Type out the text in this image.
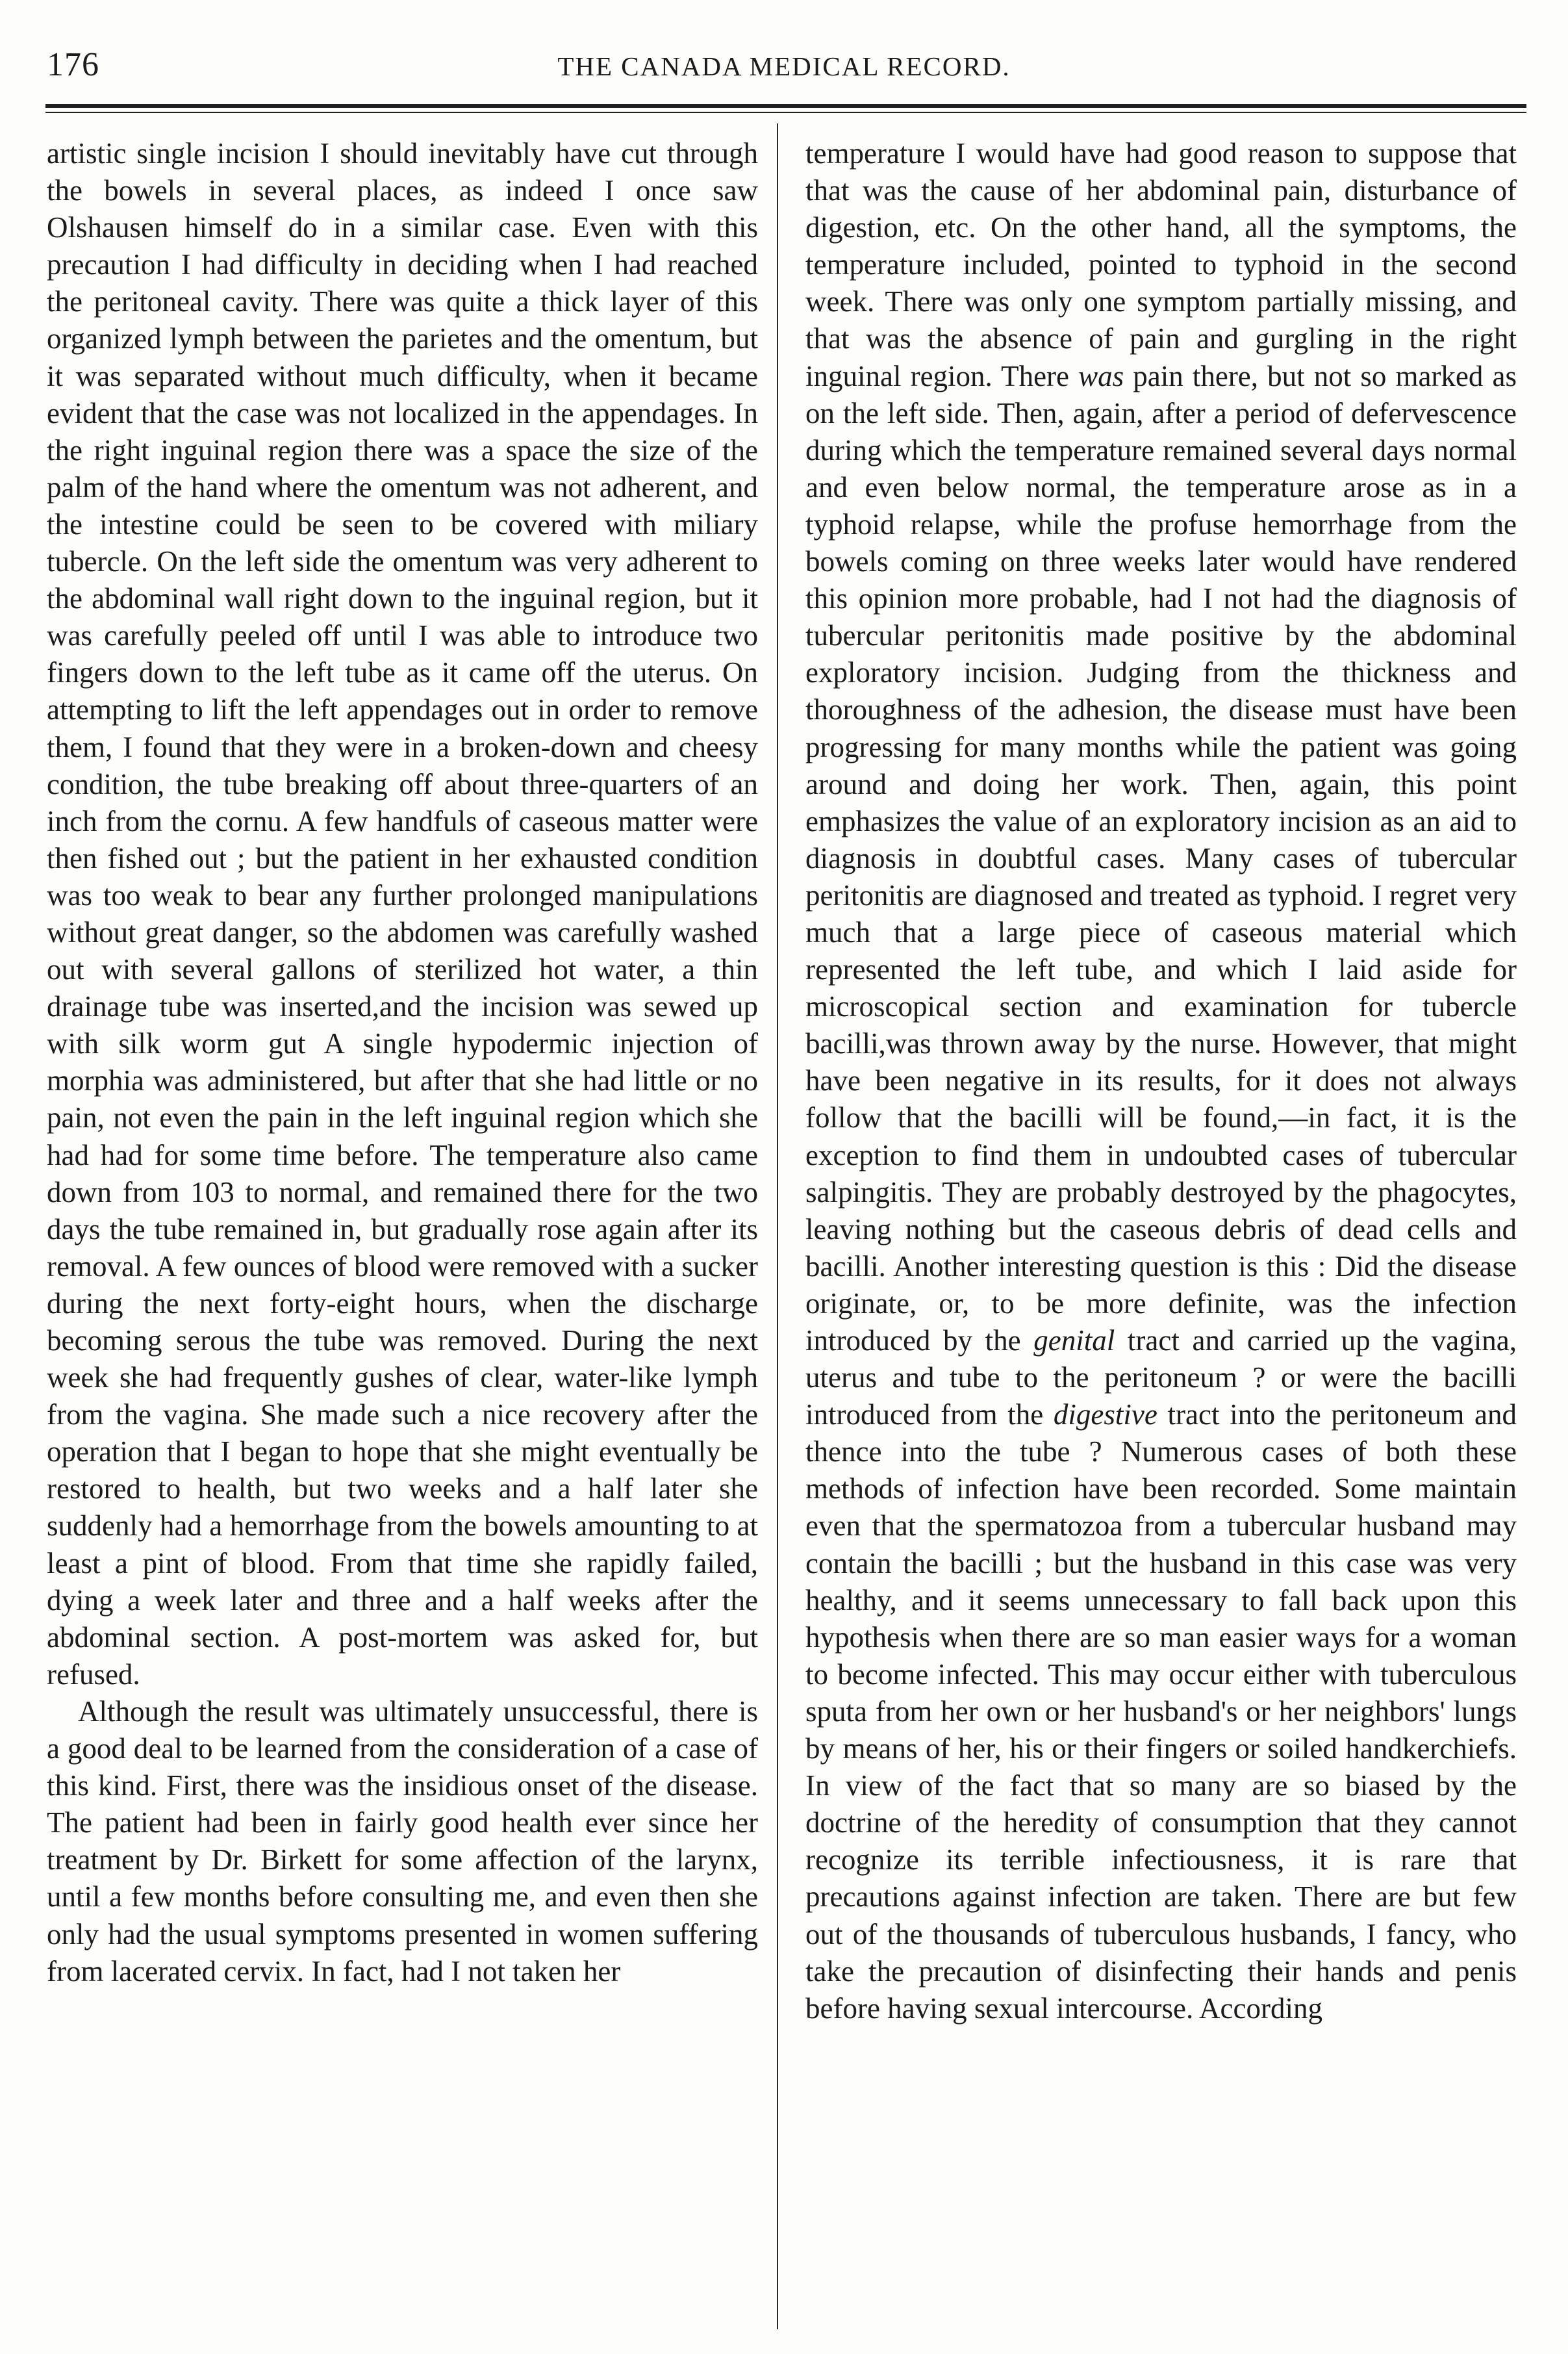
176	THE CANADA MEDICAL RECORD.

artistic single incision I should inevitably have cut through the bowels in several places, as indeed I once saw Olshausen himself do in a similar case. Even with this precaution I had difficulty in deciding when I had reached the peritoneal cavity. There was quite a thick layer of this organized lymph between the parietes and the omentum, but it was separated without much difficulty, when it became evident that the case was not localized in the appendages. In the right inguinal region there was a space the size of the palm of the hand where the omentum was not adherent, and the intestine could be seen to be covered with miliary tubercle. On the left side the omentum was very adherent to the abdominal wall right down to the inguinal region, but it was carefully peeled off until I was able to introduce two fingers down to the left tube as it came off the uterus. On attempting to lift the left appendages out in order to remove them, I found that they were in a broken-down and cheesy condition, the tube breaking off about three-quarters of an inch from the cornu. A few handfuls of caseous matter were then fished out ; but the patient in her exhausted condition was too weak to bear any further prolonged manipulations without great danger, so the abdomen was carefully washed out with several gallons of sterilized hot water, a thin drainage tube was inserted,and the incision was sewed up with silk worm gut A single hypodermic injection of morphia was administered, but after that she had little or no pain, not even the pain in the left inguinal region which she had had for some time before. The temperature also came down from 103 to normal, and remained there for the two days the tube remained in, but gradually rose again after its removal. A few ounces of blood were removed with a sucker during the next forty-eight hours, when the discharge becoming serous the tube was removed. During the next week she had frequently gushes of clear, water-like lymph from the vagina. She made such a nice recovery after the operation that I began to hope that she might eventually be restored to health, but two weeks and a half later she suddenly had a hemorrhage from the bowels amounting to at least a pint of blood. From that time she rapidly failed, dying a week later and three and a half weeks after the abdominal section. A post-mortem was asked for, but refused.

Although the result was ultimately unsuccessful, there is a good deal to be learned from the consideration of a case of this kind. First, there was the insidious onset of the disease. The patient had been in fairly good health ever since her treatment by Dr. Birkett for some affection of the larynx, until a few months before consulting me, and even then she only had the usual symptoms presented in women suffering from lacerated cervix. In fact, had I not taken her

temperature I would have had good reason to suppose that that was the cause of her abdominal pain, disturbance of digestion, etc. On the other hand, all the symptoms, the temperature included, pointed to typhoid in the second week. There was only one symptom partially missing, and that was the absence of pain and gurgling in the right inguinal region. There was pain there, but not so marked as on the left side. Then, again, after a period of defervescence during which the temperature remained several days normal and even below normal, the temperature arose as in a typhoid relapse, while the profuse hemorrhage from the bowels coming on three weeks later would have rendered this opinion more probable, had I not had the diagnosis of tubercular peritonitis made positive by the abdominal exploratory incision. Judging from the thickness and thoroughness of the adhesion, the disease must have been progressing for many months while the patient was going around and doing her work. Then, again, this point emphasizes the value of an exploratory incision as an aid to diagnosis in doubtful cases. Many cases of tubercular peritonitis are diagnosed and treated as typhoid. I regret very much that a large piece of caseous material which represented the left tube, and which I laid aside for microscopical section and examination for tubercle bacilli,was thrown away by the nurse. However, that might have been negative in its results, for it does not always follow that the bacilli will be found,—in fact, it is the exception to find them in undoubted cases of tubercular salpingitis. They are probably destroyed by the phagocytes, leaving nothing but the caseous debris of dead cells and bacilli. Another interesting question is this : Did the disease originate, or, to be more definite, was the infection introduced by the genital tract and carried up the vagina, uterus and tube to the peritoneum ? or were the bacilli introduced from the digestive tract into the peritoneum and thence into the tube ? Numerous cases of both these methods of infection have been recorded. Some maintain even that the spermatozoa from a tubercular husband may contain the bacilli ; but the husband in this case was very healthy, and it seems unnecessary to fall back upon this hypothesis when there are so man easier ways for a woman to become infected. This may occur either with tuberculous sputa from her own or her husband's or her neighbors' lungs by means of her, his or their fingers or soiled handkerchiefs. In view of the fact that so many are so biased by the doctrine of the heredity of consumption that they cannot recognize its terrible infectiousness, it is rare that precautions against infection are taken. There are but few out of the thousands of tuberculous husbands, I fancy, who take the precaution of disinfecting their hands and penis before having sexual intercourse. According
